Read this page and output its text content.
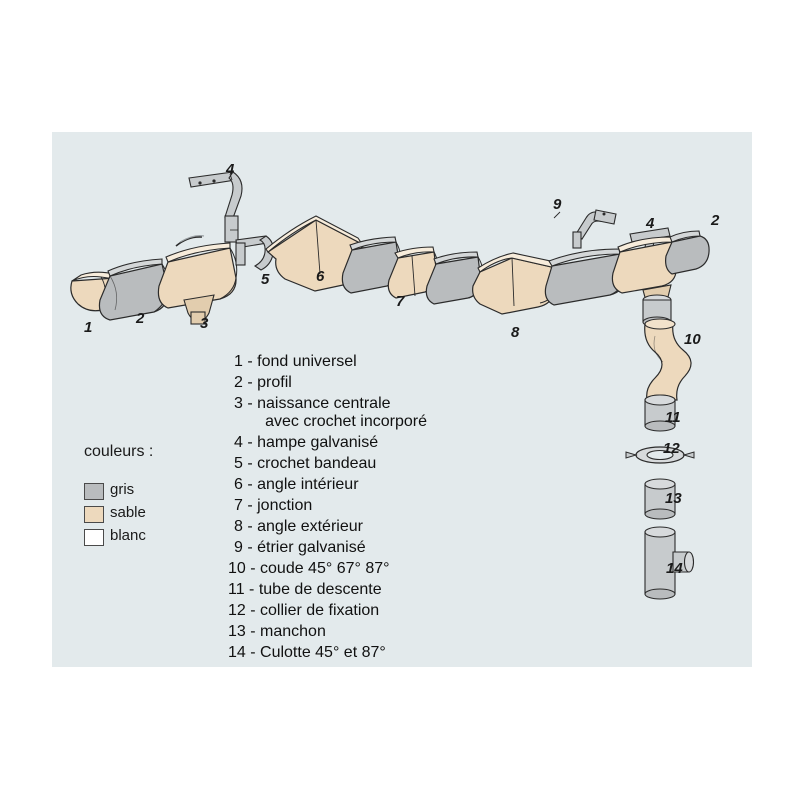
1
2	3
4
5	6
7
8
9
4	2
10
11
12
13
14
couleurs :
gris
sable
blanc
1 - fond universel
2 - profil
3 - naissance centrale
avec crochet incorporé
4 - hampe galvanisé
5 - crochet bandeau
6 - angle intérieur
7 - jonction
8 - angle extérieur
9 - étrier galvanisé
10 - coude 45° 67° 87°
11 - tube de descente
12 - collier de fixation
13 - manchon
14 - Culotte 45° et 87°
